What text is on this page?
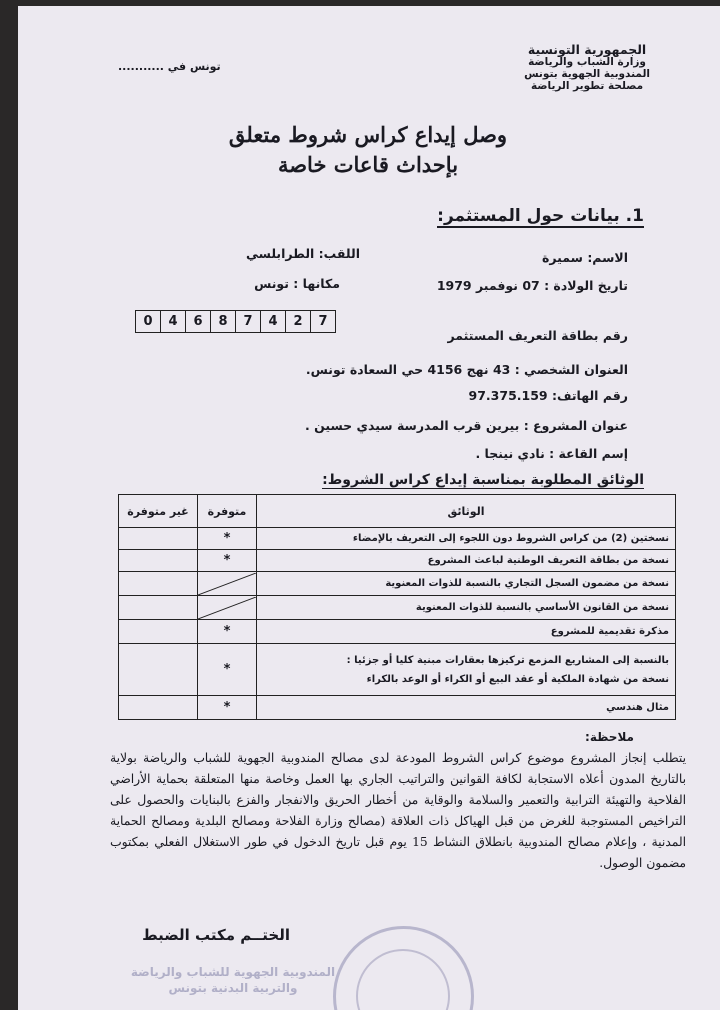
الجمهورية التونسية
وزارة الشباب والرياضة
المندوبية الجهوية بتونس
مصلحة تطوير الرياضة
تونس في ...........
وصل إيداع كراس شروط متعلق
بإحداث قاعات خاصة
1. بيانات حول المستثمر:
الاسم: سميرة
اللقب: الطرابلسي
تاريخ الولادة : 07 نوفمبر 1979
مكانها : تونس
0	4	6	8	7	4	2	7
رقم بطاقة التعريف المستثمر
العنوان الشخصي : 43 نهج 4156 حي السعادة تونس.
رقم الهاتف: 97.375.159
عنوان المشروع : بيرين قرب المدرسة سيدي حسين .
إسم القاعة : نادي نينجا .
الوثائق المطلوبة بمناسبة إيداع كراس الشروط:
الوثائق	متوفرة	غير متوفرة
نسختين (2) من كراس الشروط دون اللجوء إلى التعريف بالإمضاء	*	
نسخة من بطاقة التعريف الوطنية لباعث المشروع	*	
نسخة من مضمون السجل التجاري بالنسبة للذوات المعنوية	

نسخة من القانون الأساسي بالنسبة للذوات المعنوية	

مذكرة تقديمية للمشروع	*	

بالنسبة إلى المشاريع المزمع تركيزها بعقارات مبنية كليا أو جزئيا :
نسخة من شهادة الملكية أو عقد البيع أو الكراء أو الوعد بالكراء	*	
مثال هندسي	*	
ملاحظة:
يتطلب إنجاز المشروع موضوع كراس الشروط المودعة لدى مصالح المندوبية الجهوية للشباب والرياضة بولاية بالتاريخ المدون أعلاه الاستجابة لكافة القوانين والتراتيب الجاري بها العمل وخاصة منها المتعلقة بحماية الأراضي الفلاحية والتهيئة الترابية والتعمير والسلامة والوقاية من أخطار الحريق والانفجار والفزع بالبنايات والحصول على التراخيص المستوجبة للغرض من قبل الهياكل ذات العلاقة (مصالح وزارة الفلاحة ومصالح البلدية ومصالح الحماية المدنية ، وإعلام مصالح المندوبية بانطلاق النشاط 15 يوم قبل تاريخ الدخول في طور الاستغلال الفعلي بمكتوب مضمون الوصول.
الختــم مكتب الضبط
المندوبية الجهوية للشباب والرياضة والتربية البدنية بتونس
